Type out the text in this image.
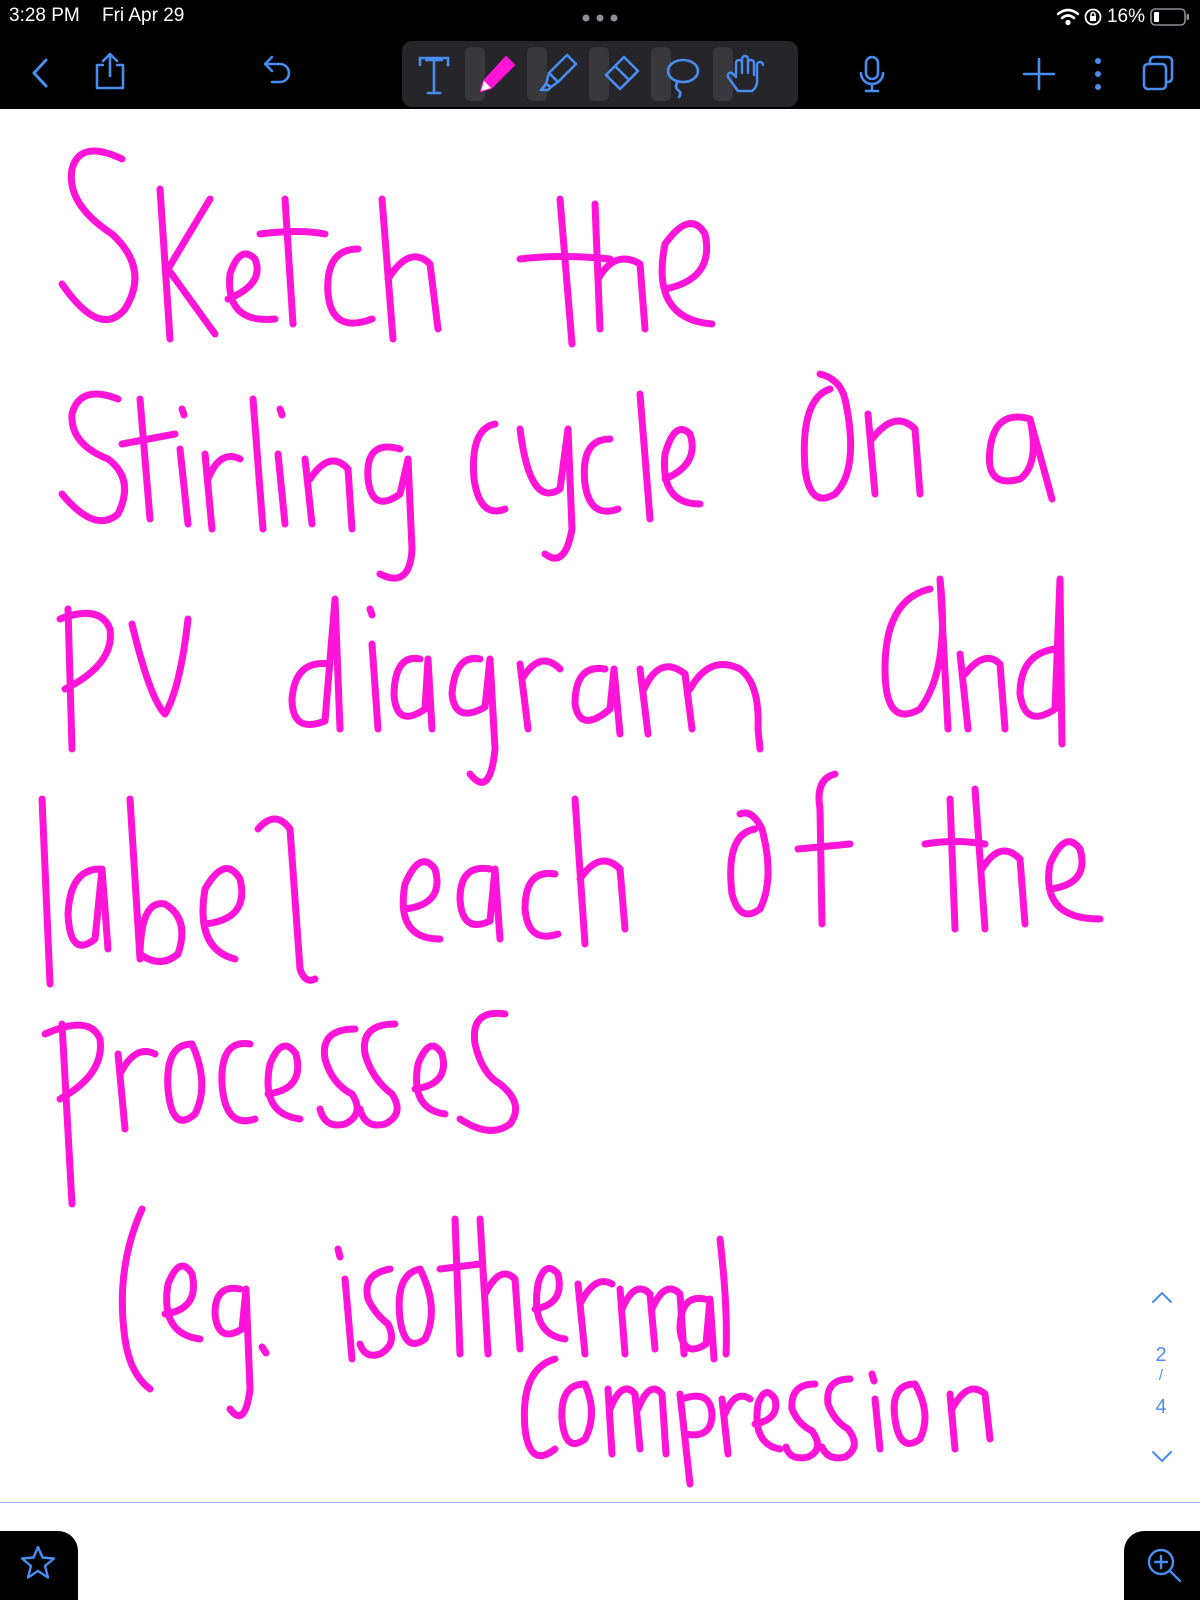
3:28 PM Fri Apr 29	16%
2
/
4
